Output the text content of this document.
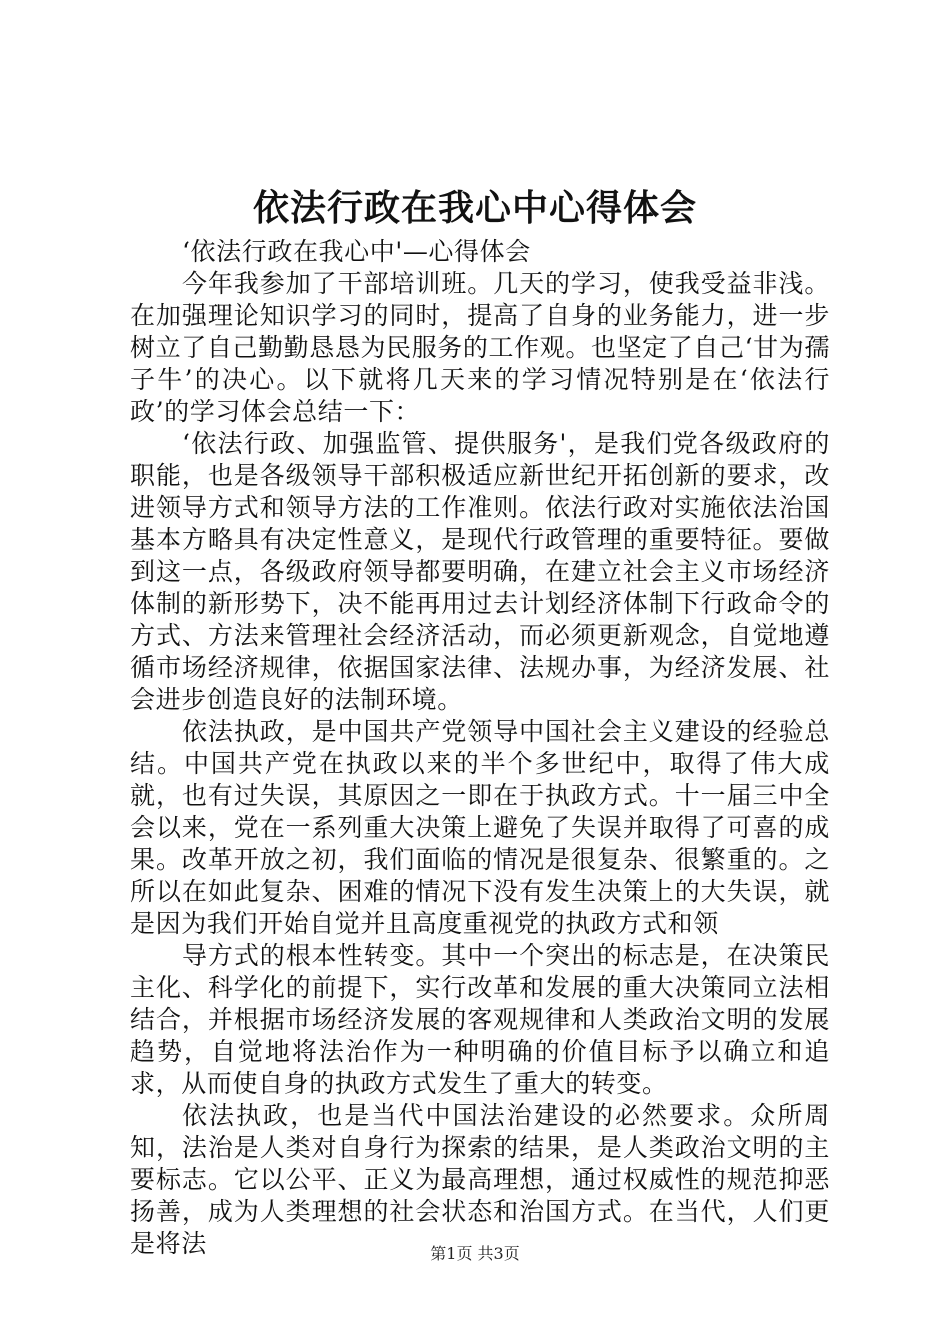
依法行政在我心中心得体会

‘依法行政在我心中'—心得体会

今年我参加了干部培训班。几天的学习，使我受益非浅。在加强理论知识学习的同时，提高了自身的业务能力，进一步树立了自己勤勤恳恳为民服务的工作观。也坚定了自己‘甘为孺子牛’的决心。以下就将几天来的学习情况特别是在‘依法行政’的学习体会总结一下：

‘依法行政、加强监管、提供服务'，是我们党各级政府的职能，也是各级领导干部积极适应新世纪开拓创新的要求，改进领导方式和领导方法的工作准则。依法行政对实施依法治国基本方略具有决定性意义，是现代行政管理的重要特征。要做到这一点，各级政府领导都要明确，在建立社会主义市场经济体制的新形势下，决不能再用过去计划经济体制下行政命令的方式、方法来管理社会经济活动，而必须更新观念，自觉地遵循市场经济规律，依据国家法律、法规办事，为经济发展、社会进步创造良好的法制环境。

依法执政，是中国共产党领导中国社会主义建设的经验总结。中国共产党在执政以来的半个多世纪中，取得了伟大成就，也有过失误，其原因之一即在于执政方式。十一届三中全会以来，党在一系列重大决策上避免了失误并取得了可喜的成果。改革开放之初，我们面临的情况是很复杂、很繁重的。之所以在如此复杂、困难的情况下没有发生决策上的大失误，就是因为我们开始自觉并且高度重视党的执政方式和领

导方式的根本性转变。其中一个突出的标志是，在决策民主化、科学化的前提下，实行改革和发展的重大决策同立法相结合，并根据市场经济发展的客观规律和人类政治文明的发展趋势，自觉地将法治作为一种明确的价值目标予以确立和追求，从而使自身的执政方式发生了重大的转变。

依法执政，也是当代中国法治建设的必然要求。众所周知，法治是人类对自身行为探索的结果，是人类政治文明的主要标志。它以公平、正义为最高理想，通过权威性的规范抑恶扬善，成为人类理想的社会状态和治国方式。在当代，人们更是将法	第1页 共3页
